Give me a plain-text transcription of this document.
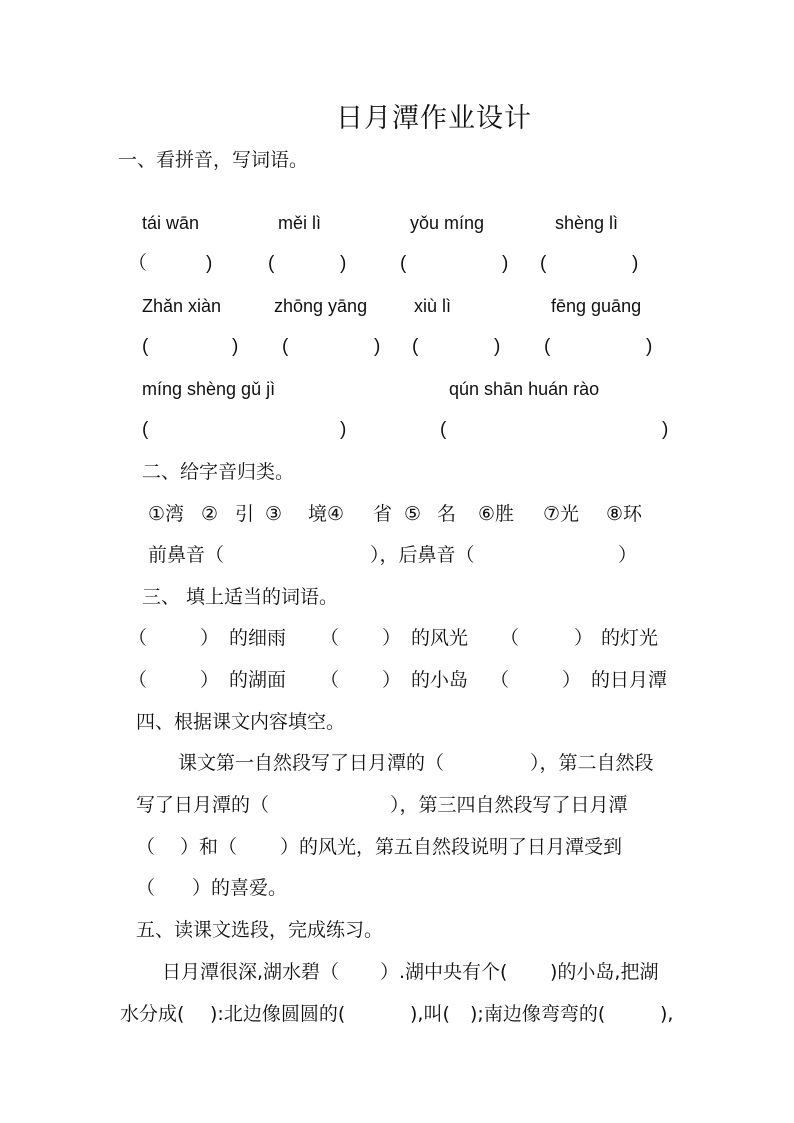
日月潭作业设计
一、看拼音，写词语。
tái wān	měi lì	yǒu míng	shèng lì
（	)	(	)	(	) (	)
Zhǎn xiàn	zhōng yāng	xiù lì	fēng guāng
(	) (	) (	) (	)
míng shèng gǔ jì	qún shān huán rào
(	)	(	)
二、给字音归类。
①湾 ② 引 ③ 境④ 省 ⑤ 名 ⑥胜 ⑦光 ⑧环
前鼻音（	），后鼻音（	）
三、 填上适当的词语。
（	） 的细雨 （ ） 的风光 （	） 的灯光
（	） 的湖面 （ ） 的小岛 （	） 的日月潭
四、根据课文内容填空。
课文第一自然段写了日月潭的（	），第二自然段
写了日月潭的（	），第三四自然段写了日月潭
（ ）和（ ）的风光，第五自然段说明了日月潭受到
（ ）的喜爱。
五、读课文选段，完成练习。
日月潭很深,湖水碧（ ）.湖中央有个( )的小岛,把湖
水分成( ):北边像圆圆的(	),叫( );南边像弯弯的(	),
